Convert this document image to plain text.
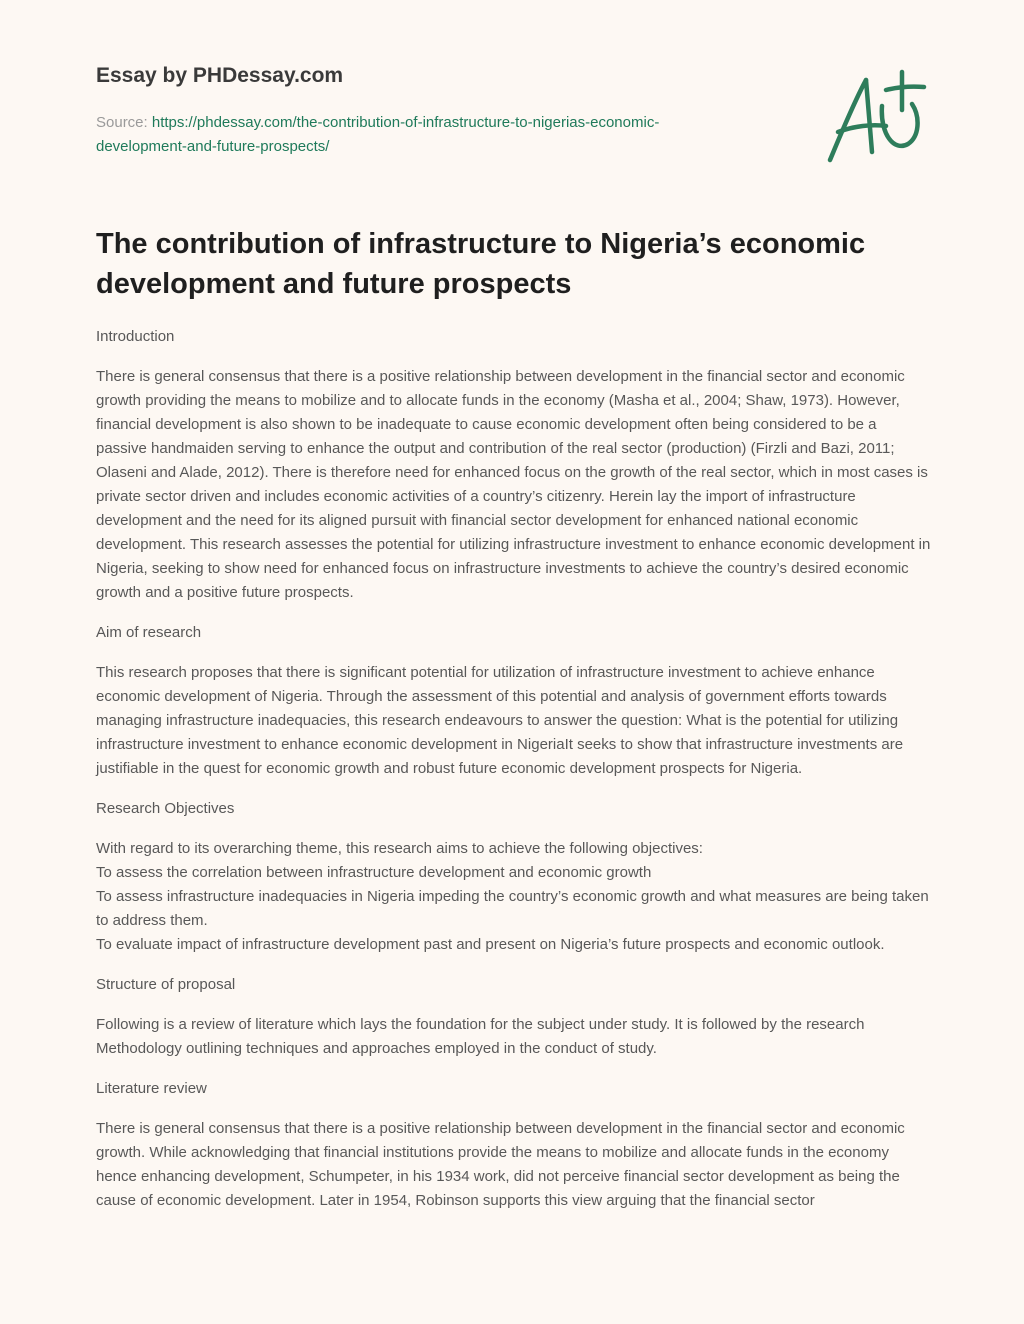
Essay by PHDessay.com
Source: https://phdessay.com/the-contribution-of-infrastructure-to-nigerias-economic-
development-and-future-prospects/
The contribution of infrastructure to Nigeria’s economic development and future prospects

Introduction

There is general consensus that there is a positive relationship between development in the financial sector and economic growth providing the means to mobilize and to allocate funds in the economy (Masha et al., 2004; Shaw, 1973). However, financial development is also shown to be inadequate to cause economic development often being considered to be a passive handmaiden serving to enhance the output and contribution of the real sector (production) (Firzli and Bazi, 2011; Olaseni and Alade, 2012). There is therefore need for enhanced focus on the growth of the real sector, which in most cases is private sector driven and includes economic activities of a country’s citizenry. Herein lay the import of infrastructure development and the need for its aligned pursuit with financial sector development for enhanced national economic development. This research assesses the potential for utilizing infrastructure investment to enhance economic development in Nigeria, seeking to show need for enhanced focus on infrastructure investments to achieve the country’s desired economic growth and a positive future prospects.

Aim of research

This research proposes that there is significant potential for utilization of infrastructure investment to achieve enhance economic development of Nigeria. Through the assessment of this potential and analysis of government efforts towards managing infrastructure inadequacies, this research endeavours to answer the question: What is the potential for utilizing infrastructure investment to enhance economic development in NigeriaIt seeks to show that infrastructure investments are justifiable in the quest for economic growth and robust future economic development prospects for Nigeria.

Research Objectives

With regard to its overarching theme, this research aims to achieve the following objectives:
To assess the correlation between infrastructure development and economic growth
To assess infrastructure inadequacies in Nigeria impeding the country’s economic growth and what measures are being taken to address them.
To evaluate impact of infrastructure development past and present on Nigeria’s future prospects and economic outlook.

Structure of proposal

Following is a review of literature which lays the foundation for the subject under study. It is followed by the research Methodology outlining techniques and approaches employed in the conduct of study.

Literature review

There is general consensus that there is a positive relationship between development in the financial sector and economic growth. While acknowledging that financial institutions provide the means to mobilize and allocate funds in the economy hence enhancing development, Schumpeter, in his 1934 work, did not perceive financial sector development as being the cause of economic development. Later in 1954, Robinson supports this view arguing that the financial sector
